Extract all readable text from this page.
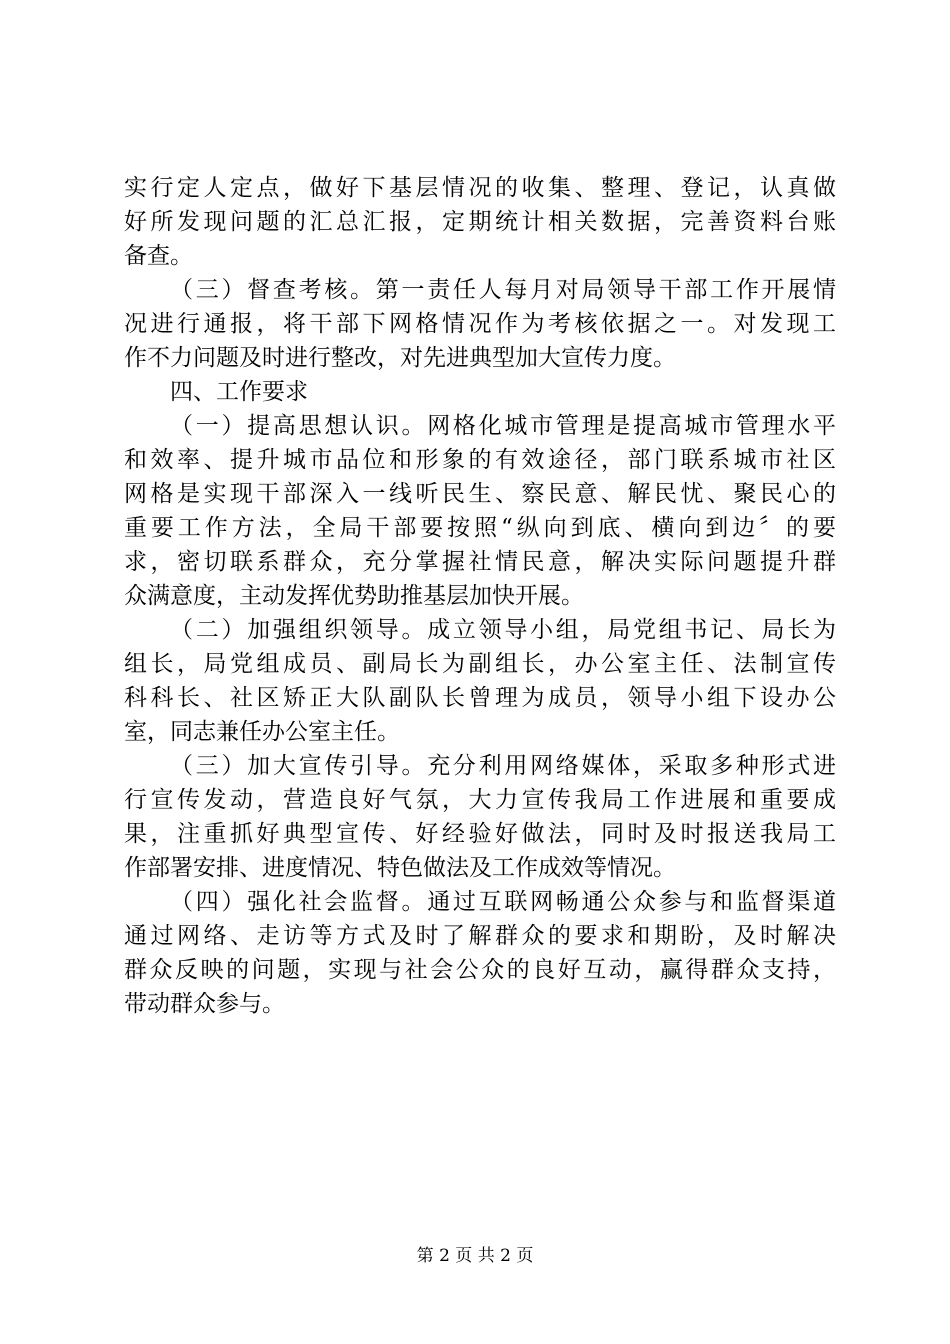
实行定人定点，做好下基层情况的收集、整理、登记，认真做
好所发现问题的汇总汇报，定期统计相关数据，完善资料台账
备查。
（三）督查考核。第一责任人每月对局领导干部工作开展情
况进行通报，将干部下网格情况作为考核依据之一。对发现工
作不力问题及时进行整改，对先进典型加大宣传力度。
四、工作要求
（一）提高思想认识。网格化城市管理是提高城市管理水平
和效率、提升城市品位和形象的有效途径，部门联系城市社区
网格是实现干部深入一线听民生、察民意、解民忧、聚民心的
重要工作方法，全局干部要按照“纵向到底、横向到边〞的要
求，密切联系群众，充分掌握社情民意，解决实际问题提升群
众满意度，主动发挥优势助推基层加快开展。
（二）加强组织领导。成立领导小组，局党组书记、局长为
组长，局党组成员、副局长为副组长，办公室主任、法制宣传
科科长、社区矫正大队副队长曾理为成员，领导小组下设办公
室，同志兼任办公室主任。
（三）加大宣传引导。充分利用网络媒体，采取多种形式进
行宣传发动，营造良好气氛，大力宣传我局工作进展和重要成
果，注重抓好典型宣传、好经验好做法，同时及时报送我局工
作部署安排、进度情况、特色做法及工作成效等情况。
（四）强化社会监督。通过互联网畅通公众参与和监督渠道
通过网络、走访等方式及时了解群众的要求和期盼，及时解决
群众反映的问题，实现与社会公众的良好互动，赢得群众支持，
带动群众参与。
第 2 页 共 2 页
